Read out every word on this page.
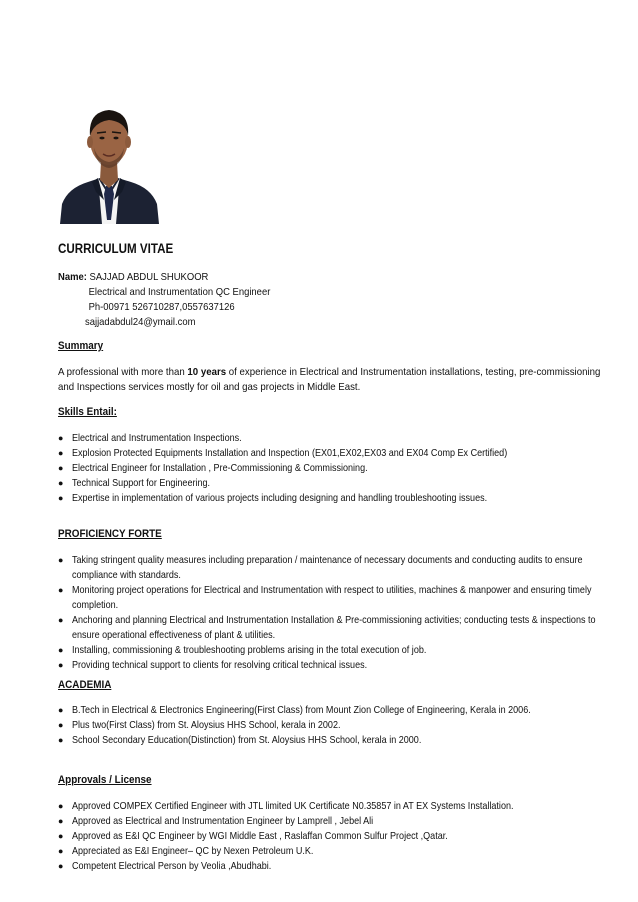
CURRICULUM VITAE
Name: SAJJAD ABDUL SHUKOOR
Electrical and Instrumentation QC Engineer
Ph-00971 526710287,0557637126
sajjadabdul24@ymail.com
Summary
A professional with more than 10 years of experience in Electrical and Instrumentation installations, testing, pre-commissioning and Inspections services mostly for oil and gas projects in Middle East.
Skills Entail:
● Electrical and Instrumentation Inspections.
● Explosion Protected Equipments Installation and Inspection (EX01,EX02,EX03 and EX04 Comp Ex Certified)
● Electrical Engineer for Installation , Pre-Commissioning & Commissioning.
● Technical Support for Engineering.
● Expertise in implementation of various projects including designing and handling troubleshooting issues.
PROFICIENCY FORTE
● Taking stringent quality measures including preparation / maintenance of necessary documents and conducting audits to ensure compliance with standards.
● Monitoring project operations for Electrical and Instrumentation with respect to utilities, machines & manpower and ensuring timely completion.
● Anchoring and planning Electrical and Instrumentation Installation & Pre-commissioning activities; conducting tests & inspections to ensure operational effectiveness of plant & utilities.
● Installing, commissioning & troubleshooting problems arising in the total execution of job.
● Providing technical support to clients for resolving critical technical issues.
ACADEMIA
● B.Tech in Electrical & Electronics Engineering(First Class) from Mount Zion College of Engineering, Kerala in 2006.
● Plus two(First Class) from St. Aloysius HHS School, kerala in 2002.
● School Secondary Education(Distinction) from St. Aloysius HHS School, kerala in 2000.
Approvals / License
● Approved COMPEX Certified Engineer with JTL limited UK Certificate N0.35857 in AT EX Systems Installation.
● Approved as Electrical and Instrumentation Engineer by Lamprell , Jebel Ali
● Approved as E&I QC Engineer by WGI Middle East , Raslaffan Common Sulfur Project ,Qatar.
● Appreciated as E&I Engineer– QC by Nexen Petroleum U.K.
● Competent Electrical Person by Veolia ,Abudhabi.
